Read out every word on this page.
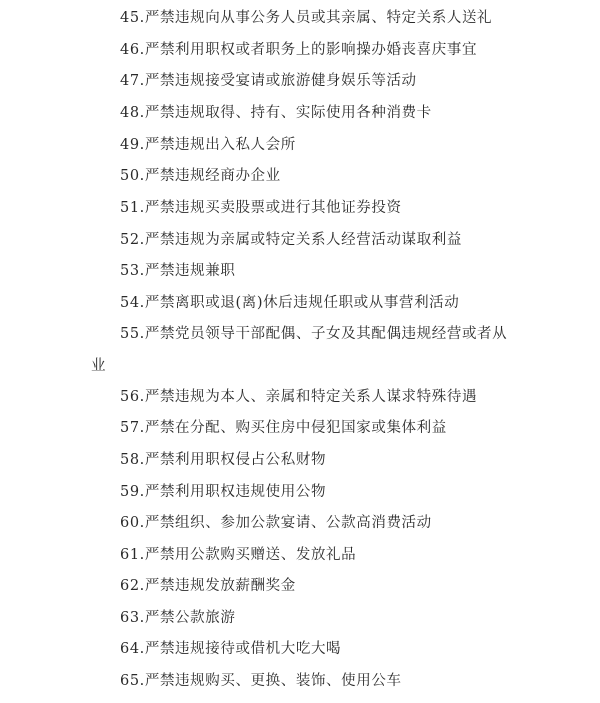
45.严禁违规向从事公务人员或其亲属、特定关系人送礼
46.严禁利用职权或者职务上的影响操办婚丧喜庆事宜
47.严禁违规接受宴请或旅游健身娱乐等活动
48.严禁违规取得、持有、实际使用各种消费卡
49.严禁违规出入私人会所
50.严禁违规经商办企业
51.严禁违规买卖股票或进行其他证券投资
52.严禁违规为亲属或特定关系人经营活动谋取利益
53.严禁违规兼职
54.严禁离职或退(离)休后违规任职或从事营利活动
55.严禁党员领导干部配偶、子女及其配偶违规经营或者从
业
56.严禁违规为本人、亲属和特定关系人谋求特殊待遇
57.严禁在分配、购买住房中侵犯国家或集体利益
58.严禁利用职权侵占公私财物
59.严禁利用职权违规使用公物
60.严禁组织、参加公款宴请、公款高消费活动
61.严禁用公款购买赠送、发放礼品
62.严禁违规发放薪酬奖金
63.严禁公款旅游
64.严禁违规接待或借机大吃大喝
65.严禁违规购买、更换、装饰、使用公车
